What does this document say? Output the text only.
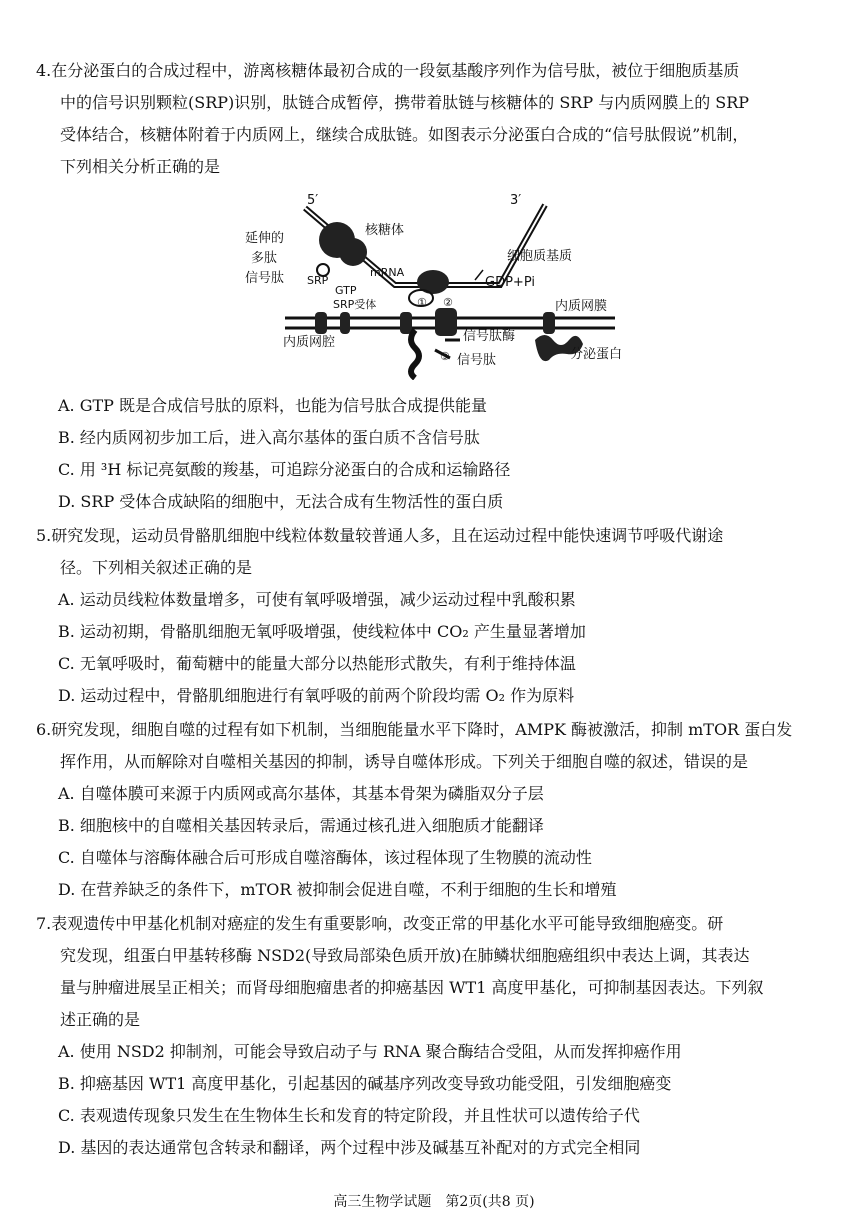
4.在分泌蛋白的合成过程中，游离核糖体最初合成的一段氨基酸序列作为信号肽，被位于细胞质基质
中的信号识别颗粒(SRP)识别，肽链合成暂停，携带着肽链与核糖体的 SRP 与内质网膜上的 SRP
受体结合，核糖体附着于内质网上，继续合成肽链。如图表示分泌蛋白合成的“信号肽假说”机制，
下列相关分析正确的是
5′	3′
核糖体
延伸的
多肽
信号肽 SRP
mRNA
细胞质基质
GTP
SRP受体	① ②
GDP+Pi
内质网膜
内质网腔	信号肽酶
③ 信号肽	分泌蛋白
A. GTP 既是合成信号肽的原料，也能为信号肽合成提供能量
B. 经内质网初步加工后，进入高尔基体的蛋白质不含信号肽
C. 用 ³H 标记亮氨酸的羧基，可追踪分泌蛋白的合成和运输路径
D. SRP 受体合成缺陷的细胞中，无法合成有生物活性的蛋白质
5.研究发现，运动员骨骼肌细胞中线粒体数量较普通人多，且在运动过程中能快速调节呼吸代谢途
径。下列相关叙述正确的是
A. 运动员线粒体数量增多，可使有氧呼吸增强，减少运动过程中乳酸积累
B. 运动初期，骨骼肌细胞无氧呼吸增强，使线粒体中 CO₂ 产生量显著增加
C. 无氧呼吸时，葡萄糖中的能量大部分以热能形式散失，有利于维持体温
D. 运动过程中，骨骼肌细胞进行有氧呼吸的前两个阶段均需 O₂ 作为原料
6.研究发现，细胞自噬的过程有如下机制，当细胞能量水平下降时，AMPK 酶被激活，抑制 mTOR 蛋白发
挥作用，从而解除对自噬相关基因的抑制，诱导自噬体形成。下列关于细胞自噬的叙述，错误的是
A. 自噬体膜可来源于内质网或高尔基体，其基本骨架为磷脂双分子层
B. 细胞核中的自噬相关基因转录后，需通过核孔进入细胞质才能翻译
C. 自噬体与溶酶体融合后可形成自噬溶酶体，该过程体现了生物膜的流动性
D. 在营养缺乏的条件下，mTOR 被抑制会促进自噬，不利于细胞的生长和增殖
7.表观遗传中甲基化机制对癌症的发生有重要影响，改变正常的甲基化水平可能导致细胞癌变。研
究发现，组蛋白甲基转移酶 NSD2(导致局部染色质开放)在肺鳞状细胞癌组织中表达上调，其表达
量与肿瘤进展呈正相关；而肾母细胞瘤患者的抑癌基因 WT1 高度甲基化，可抑制基因表达。下列叙
述正确的是
A. 使用 NSD2 抑制剂，可能会导致启动子与 RNA 聚合酶结合受阻，从而发挥抑癌作用
B. 抑癌基因 WT1 高度甲基化，引起基因的碱基序列改变导致功能受阻，引发细胞癌变
C. 表观遗传现象只发生在生物体生长和发育的特定阶段，并且性状可以遗传给子代
D. 基因的表达通常包含转录和翻译，两个过程中涉及碱基互补配对的方式完全相同
高三生物学试题　第2页(共8 页)
